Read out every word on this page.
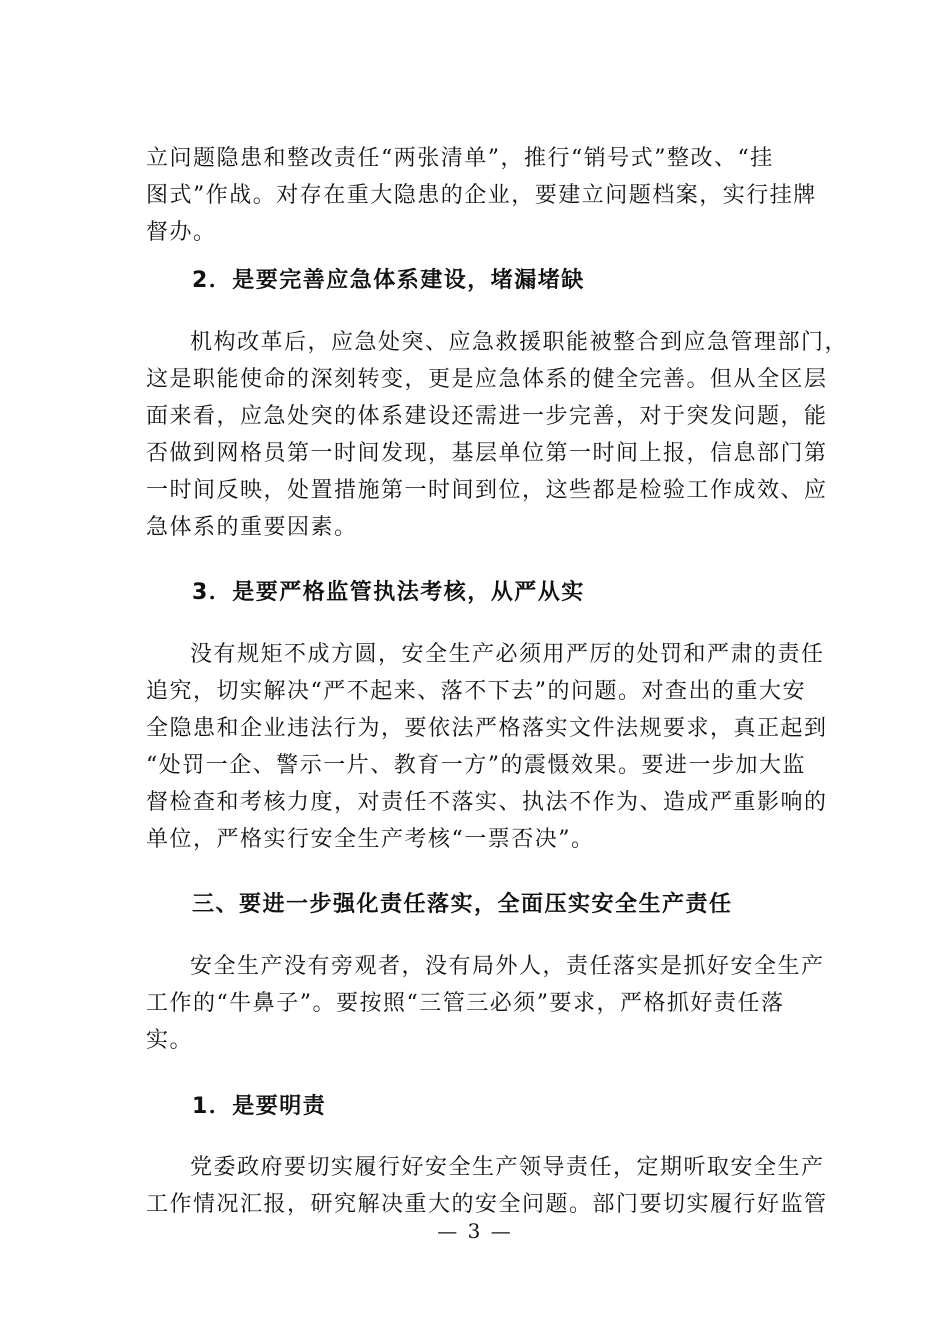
立问题隐患和整改责任“两张清单”，推行“销号式”整改、“挂
图式”作战。对存在重大隐患的企业，要建立问题档案，实行挂牌
督办。
2．是要完善应急体系建设，堵漏堵缺
机构改革后，应急处突、应急救援职能被整合到应急管理部门，
这是职能使命的深刻转变，更是应急体系的健全完善。但从全区层
面来看，应急处突的体系建设还需进一步完善，对于突发问题，能
否做到网格员第一时间发现，基层单位第一时间上报，信息部门第
一时间反映，处置措施第一时间到位，这些都是检验工作成效、应
急体系的重要因素。
3．是要严格监管执法考核，从严从实
没有规矩不成方圆，安全生产必须用严厉的处罚和严肃的责任
追究，切实解决“严不起来、落不下去”的问题。对查出的重大安
全隐患和企业违法行为，要依法严格落实文件法规要求，真正起到
“处罚一企、警示一片、教育一方”的震慑效果。要进一步加大监
督检查和考核力度，对责任不落实、执法不作为、造成严重影响的
单位，严格实行安全生产考核“一票否决”。
三、要进一步强化责任落实，全面压实安全生产责任
安全生产没有旁观者，没有局外人，责任落实是抓好安全生产
工作的“牛鼻子”。要按照“三管三必须”要求，严格抓好责任落
实。
1．是要明责
党委政府要切实履行好安全生产领导责任，定期听取安全生产
工作情况汇报，研究解决重大的安全问题。部门要切实履行好监管
— 3 —
